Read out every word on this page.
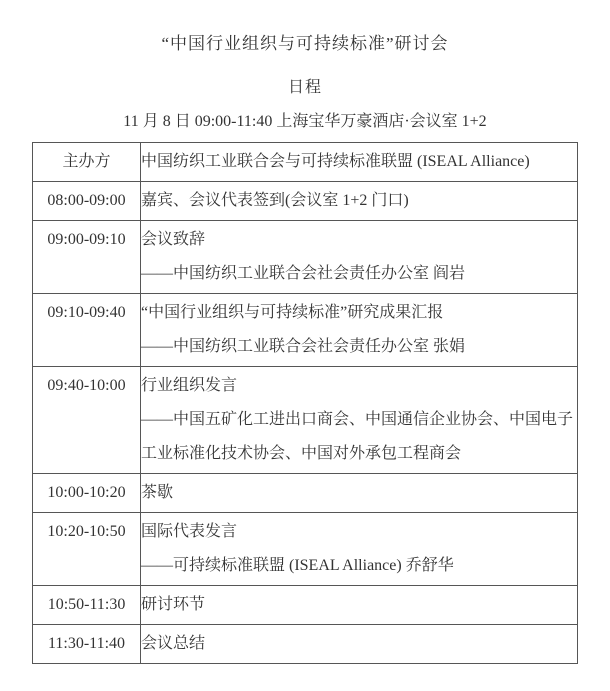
“中国行业组织与可持续标准”研讨会
日程
11 月 8 日 09:00-11:40 上海宝华万豪酒店·会议室 1+2
主办方	中国纺织工业联合会与可持续标准联盟 (ISEAL Alliance)

08:00-09:00	嘉宾、会议代表签到(会议室 1+2 门口)

09:00-09:10	会议致辞
——中国纺织工业联合会社会责任办公室 阎岩

09:10-09:40	“中国行业组织与可持续标准”研究成果汇报
——中国纺织工业联合会社会责任办公室 张娟

09:40-10:00	行业组织发言
——中国五矿化工进出口商会、中国通信企业协会、中国电子工业标准化技术协会、中国对外承包工程商会

10:00-10:20	茶歇

10:20-10:50	国际代表发言
——可持续标准联盟 (ISEAL Alliance) 乔舒华

10:50-11:30	研讨环节

11:30-11:40	会议总结
